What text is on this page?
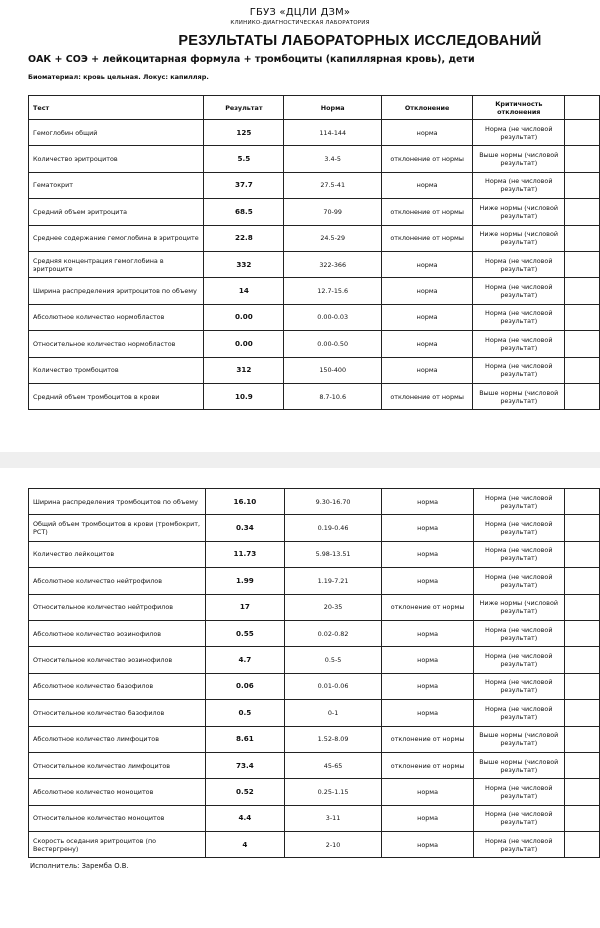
ГБУЗ «ДЦЛИ ДЗМ»
КЛИНИКО-ДИАГНОСТИЧЕСКАЯ ЛАБОРАТОРИЯ
РЕЗУЛЬТАТЫ ЛАБОРАТОРНЫХ ИССЛЕДОВАНИЙ
ОАК + СОЭ + лейкоцитарная формула + тромбоциты (капиллярная кровь), дети
Биоматериал: кровь цельная. Локус: капилляр.
Тест	Результат	Норма	Отклонение	Критичность отклонения	
Гемоглобин общий	125	114-144	норма	Норма (не числовой результат)	
Количество эритроцитов	5.5	3.4-5	отклонение от нормы	Выше нормы (числовой результат)	
Гематокрит	37.7	27.5-41	норма	Норма (не числовой результат)	
Средний объем эритроцита	68.5	70-99	отклонение от нормы	Ниже нормы (числовой результат)	
Среднее содержание гемоглобина в эритроците	22.8	24.5-29	отклонение от нормы	Ниже нормы (числовой результат)	
Средняя концентрация гемоглобина в эритроците	332	322-366	норма	Норма (не числовой результат)	
Ширина распределения эритроцитов по объему	14	12.7-15.6	норма	Норма (не числовой результат)	
Абсолютное количество нормобластов	0.00	0.00-0.03	норма	Норма (не числовой результат)	
Относительное количество нормобластов	0.00	0.00-0.50	норма	Норма (не числовой результат)	
Количество тромбоцитов	312	150-400	норма	Норма (не числовой результат)	
Средний объем тромбоцитов в крови	10.9	8.7-10.6	отклонение от нормы	Выше нормы (числовой результат)	
Ширина распределения тромбоцитов по объему	16.10	9.30-16.70	норма	Норма (не числовой результат)	
Общий объем тромбоцитов в крови (тромбокрит, PCT)	0.34	0.19-0.46	норма	Норма (не числовой результат)	
Количество лейкоцитов	11.73	5.98-13.51	норма	Норма (не числовой результат)	
Абсолютное количество нейтрофилов	1.99	1.19-7.21	норма	Норма (не числовой результат)	
Относительное количество нейтрофилов	17	20-35	отклонение от нормы	Ниже нормы (числовой результат)	
Абсолютное количество эозинофилов	0.55	0.02-0.82	норма	Норма (не числовой результат)	
Относительное количество эозинофилов	4.7	0.5-5	норма	Норма (не числовой результат)	
Абсолютное количество базофилов	0.06	0.01-0.06	норма	Норма (не числовой результат)	
Относительное количество базофилов	0.5	0-1	норма	Норма (не числовой результат)	
Абсолютное количество лимфоцитов	8.61	1.52-8.09	отклонение от нормы	Выше нормы (числовой результат)	
Относительное количество лимфоцитов	73.4	45-65	отклонение от нормы	Выше нормы (числовой результат)	
Абсолютное количество моноцитов	0.52	0.25-1.15	норма	Норма (не числовой результат)	
Относительное количество моноцитов	4.4	3-11	норма	Норма (не числовой результат)	
Скорость оседания эритроцитов (по Вестергрену)	4	2-10	норма	Норма (не числовой результат)	
Исполнитель: Заремба О.В.
